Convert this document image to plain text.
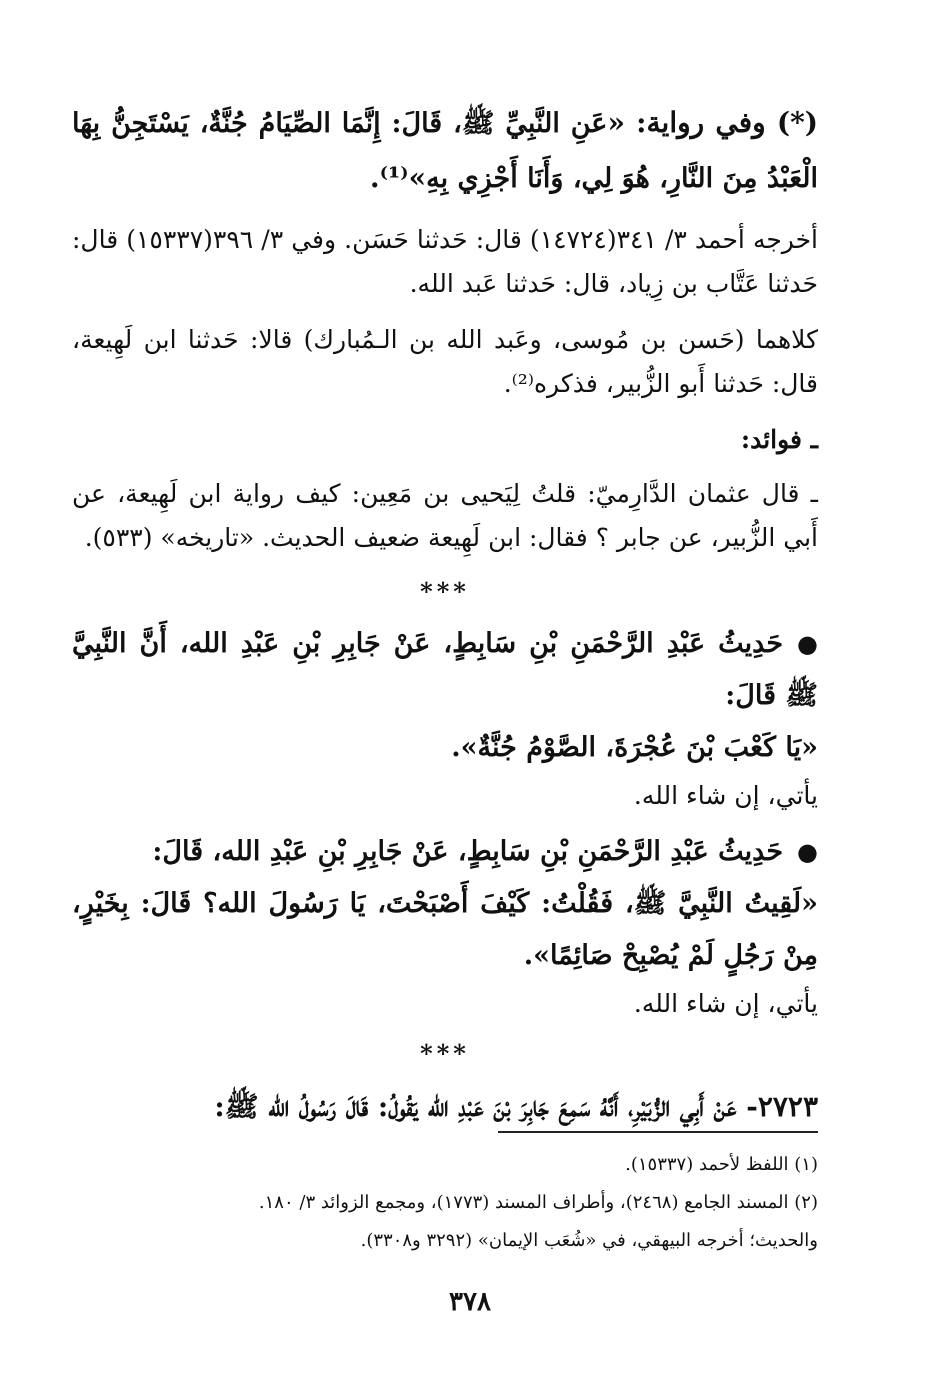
(*) وفي رواية: «عَنِ النَّبِيِّ ﷺ، قَالَ: إِنَّمَا الصِّيَامُ جُنَّةٌ، يَسْتَجِنُّ بِهَا الْعَبْدُ مِنَ النَّارِ، هُوَ لِي، وَأَنَا أَجْزِي بِهِ»⁽¹⁾.

أخرجه أحمد ٣/ ٣٤١(١٤٧٢٤) قال: حَدثنا حَسَن. وفي ٣/ ٣٩٦(١٥٣٣٧) قال: حَدثنا عَتَّاب بن زِياد، قال: حَدثنا عَبد الله.

كلاهما (حَسن بن مُوسى، وعَبد الله بن الـمُبارك) قالا: حَدثنا ابن لَهِيعة، قال: حَدثنا أَبو الزُّبير، فذكره⁽²⁾.

ـ فوائد:

ـ قال عثمان الدَّارِميّ: قلتُ لِيَحيى بن مَعِين: كيف رواية ابن لَهِيعة، عن أَبي الزُّبير، عن جابر ؟ فقال: ابن لَهِيعة ضعيف الحديث. «تاريخه» (٥٣٣).

***

●حَدِيثُ عَبْدِ الرَّحْمَنِ بْنِ سَابِطٍ، عَنْ جَابِرِ بْنِ عَبْدِ الله، أَنَّ النَّبِيَّ ﷺ قَالَ:

«يَا كَعْبَ بْنَ عُجْرَةَ، الصَّوْمُ جُنَّةٌ».

يأتي، إن شاء الله.

●حَدِيثُ عَبْدِ الرَّحْمَنِ بْنِ سَابِطٍ، عَنْ جَابِرِ بْنِ عَبْدِ الله، قَالَ:

«لَقِيتُ النَّبِيَّ ﷺ، فَقُلْتُ: كَيْفَ أَصْبَحْتَ، يَا رَسُولَ الله؟ قَالَ: بِخَيْرٍ، مِنْ رَجُلٍ لَمْ يُصْبِحْ صَائِمًا».

يأتي، إن شاء الله.

***

٢٧٢٣- عَنْ أَبِي الزُّبَيْرِ، أَنَّهُ سَمِعَ جَابِرَ بْنَ عَبْدِ الله يَقُولُ: قَالَ رَسُولُ الله ﷺ:

(١) اللفظ لأحمد (١٥٣٣٧).

(٢) المسند الجامع (٢٤٦٨)، وأطراف المسند (١٧٧٣)، ومجمع الزوائد ٣/ ١٨٠.

والحديث؛ أخرجه البيهقي، في «شُعَب الإيمان» (٣٢٩٢ و٣٣٠٨).

٣٧٨
